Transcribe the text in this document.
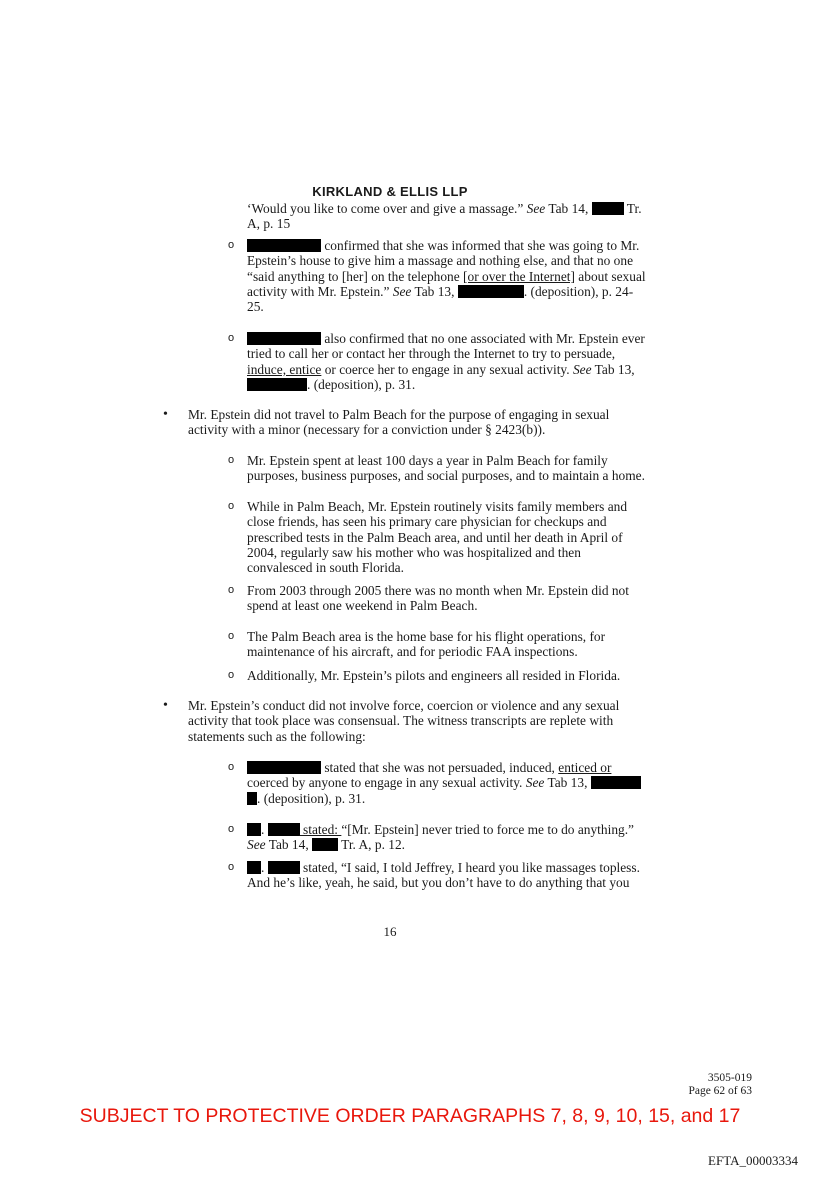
KIRKLAND & ELLIS LLP
‘Would you like to come over and give a massage.” See Tab 14,  Tr.
A, p. 15
o	confirmed that she was informed that she was going to Mr.
Epstein’s house to give him a massage and nothing else, and that no one
“said anything to [her] on the telephone [or over the Internet] about sexual
activity with Mr. Epstein.” See Tab 13,	. (deposition), p. 24-
25.
o	also confirmed that no one associated with Mr. Epstein ever
tried to call her or contact her through the Internet to try to persuade,
induce, entice or coerce her to engage in any sexual activity. See Tab 13,
. (deposition), p. 31.
• Mr. Epstein did not travel to Palm Beach for the purpose of engaging in sexual
activity with a minor (necessary for a conviction under § 2423(b)).
o Mr. Epstein spent at least 100 days a year in Palm Beach for family
purposes, business purposes, and social purposes, and to maintain a home.
o While in Palm Beach, Mr. Epstein routinely visits family members and
close friends, has seen his primary care physician for checkups and
prescribed tests in the Palm Beach area, and until her death in April of
2004, regularly saw his mother who was hospitalized and then
convalesced in south Florida.
o From 2003 through 2005 there was no month when Mr. Epstein did not
spend at least one weekend in Palm Beach.
o The Palm Beach area is the home base for his flight operations, for
maintenance of his aircraft, and for periodic FAA inspections.
o Additionally, Mr. Epstein’s pilots and engineers all resided in Florida.
• Mr. Epstein’s conduct did not involve force, coercion or violence and any sexual
activity that took place was consensual. The witness transcripts are replete with
statements such as the following:
o	stated that she was not persuaded, induced, enticed or
coerced by anyone to engage in any sexual activity. See Tab 13,
. (deposition), p. 31.
o	.  stated: “[Mr. Epstein] never tried to force me to do anything.”
See Tab 14,  Tr. A, p. 12.
o	.  stated, “I said, I told Jeffrey, I heard you like massages topless.
And he’s like, yeah, he said, but you don’t have to do anything that you
16
3505-019
Page 62 of 63
SUBJECT TO PROTECTIVE ORDER PARAGRAPHS 7, 8, 9, 10, 15, and 17
EFTA_00003334
